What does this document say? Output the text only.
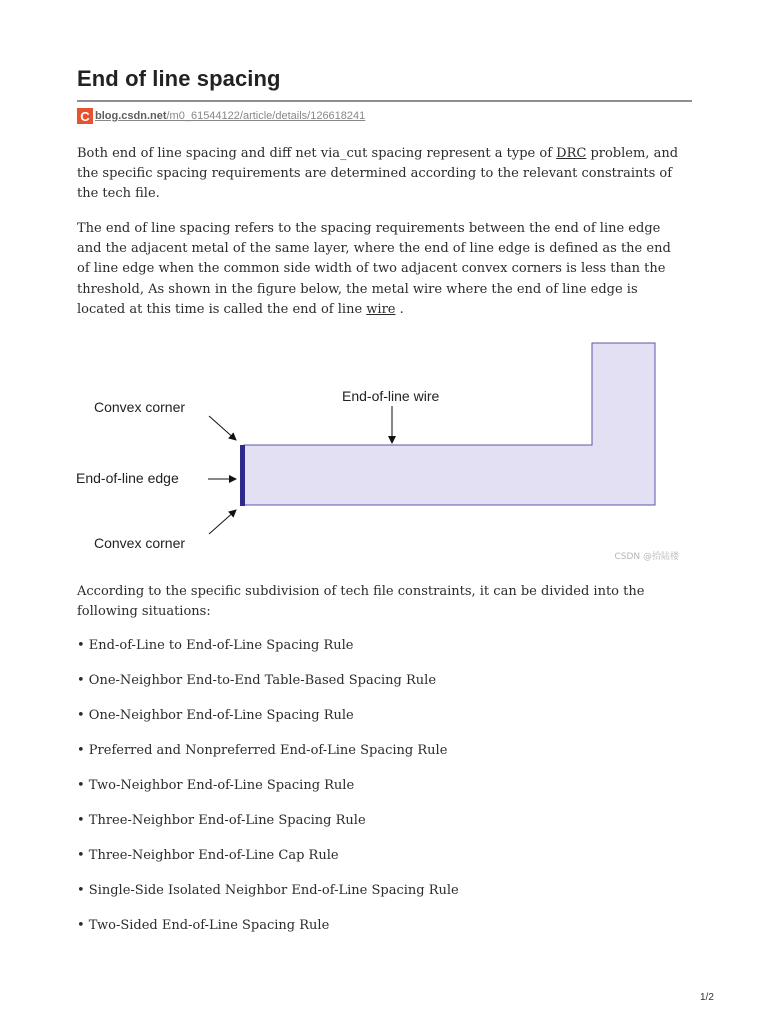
End of line spacing
C blog.csdn.net/m0_61544122/article/details/126618241

Both end of line spacing and diff net via_cut spacing represent a type of DRC problem, and the specific spacing requirements are determined according to the relevant constraints of the tech file.

The end of line spacing refers to the spacing requirements between the end of line edge and the adjacent metal of the same layer, where the end of line edge is defined as the end of line edge when the common side width of two adjacent convex corners is less than the threshold, As shown in the figure below, the metal wire where the end of line edge is located at this time is called the end of line wire .

Convex corner
End-of-line edge
Convex corner
End-of-line wire
CSDN @拾陆楼

According to the specific subdivision of tech file constraints, it can be divided into the following situations:

• End-of-Line to End-of-Line Spacing Rule
• One-Neighbor End-to-End Table-Based Spacing Rule
• One-Neighbor End-of-Line Spacing Rule
• Preferred and Nonpreferred End-of-Line Spacing Rule
• Two-Neighbor End-of-Line Spacing Rule
• Three-Neighbor End-of-Line Spacing Rule
• Three-Neighbor End-of-Line Cap Rule
• Single-Side Isolated Neighbor End-of-Line Spacing Rule
• Two-Sided End-of-Line Spacing Rule
1/2
